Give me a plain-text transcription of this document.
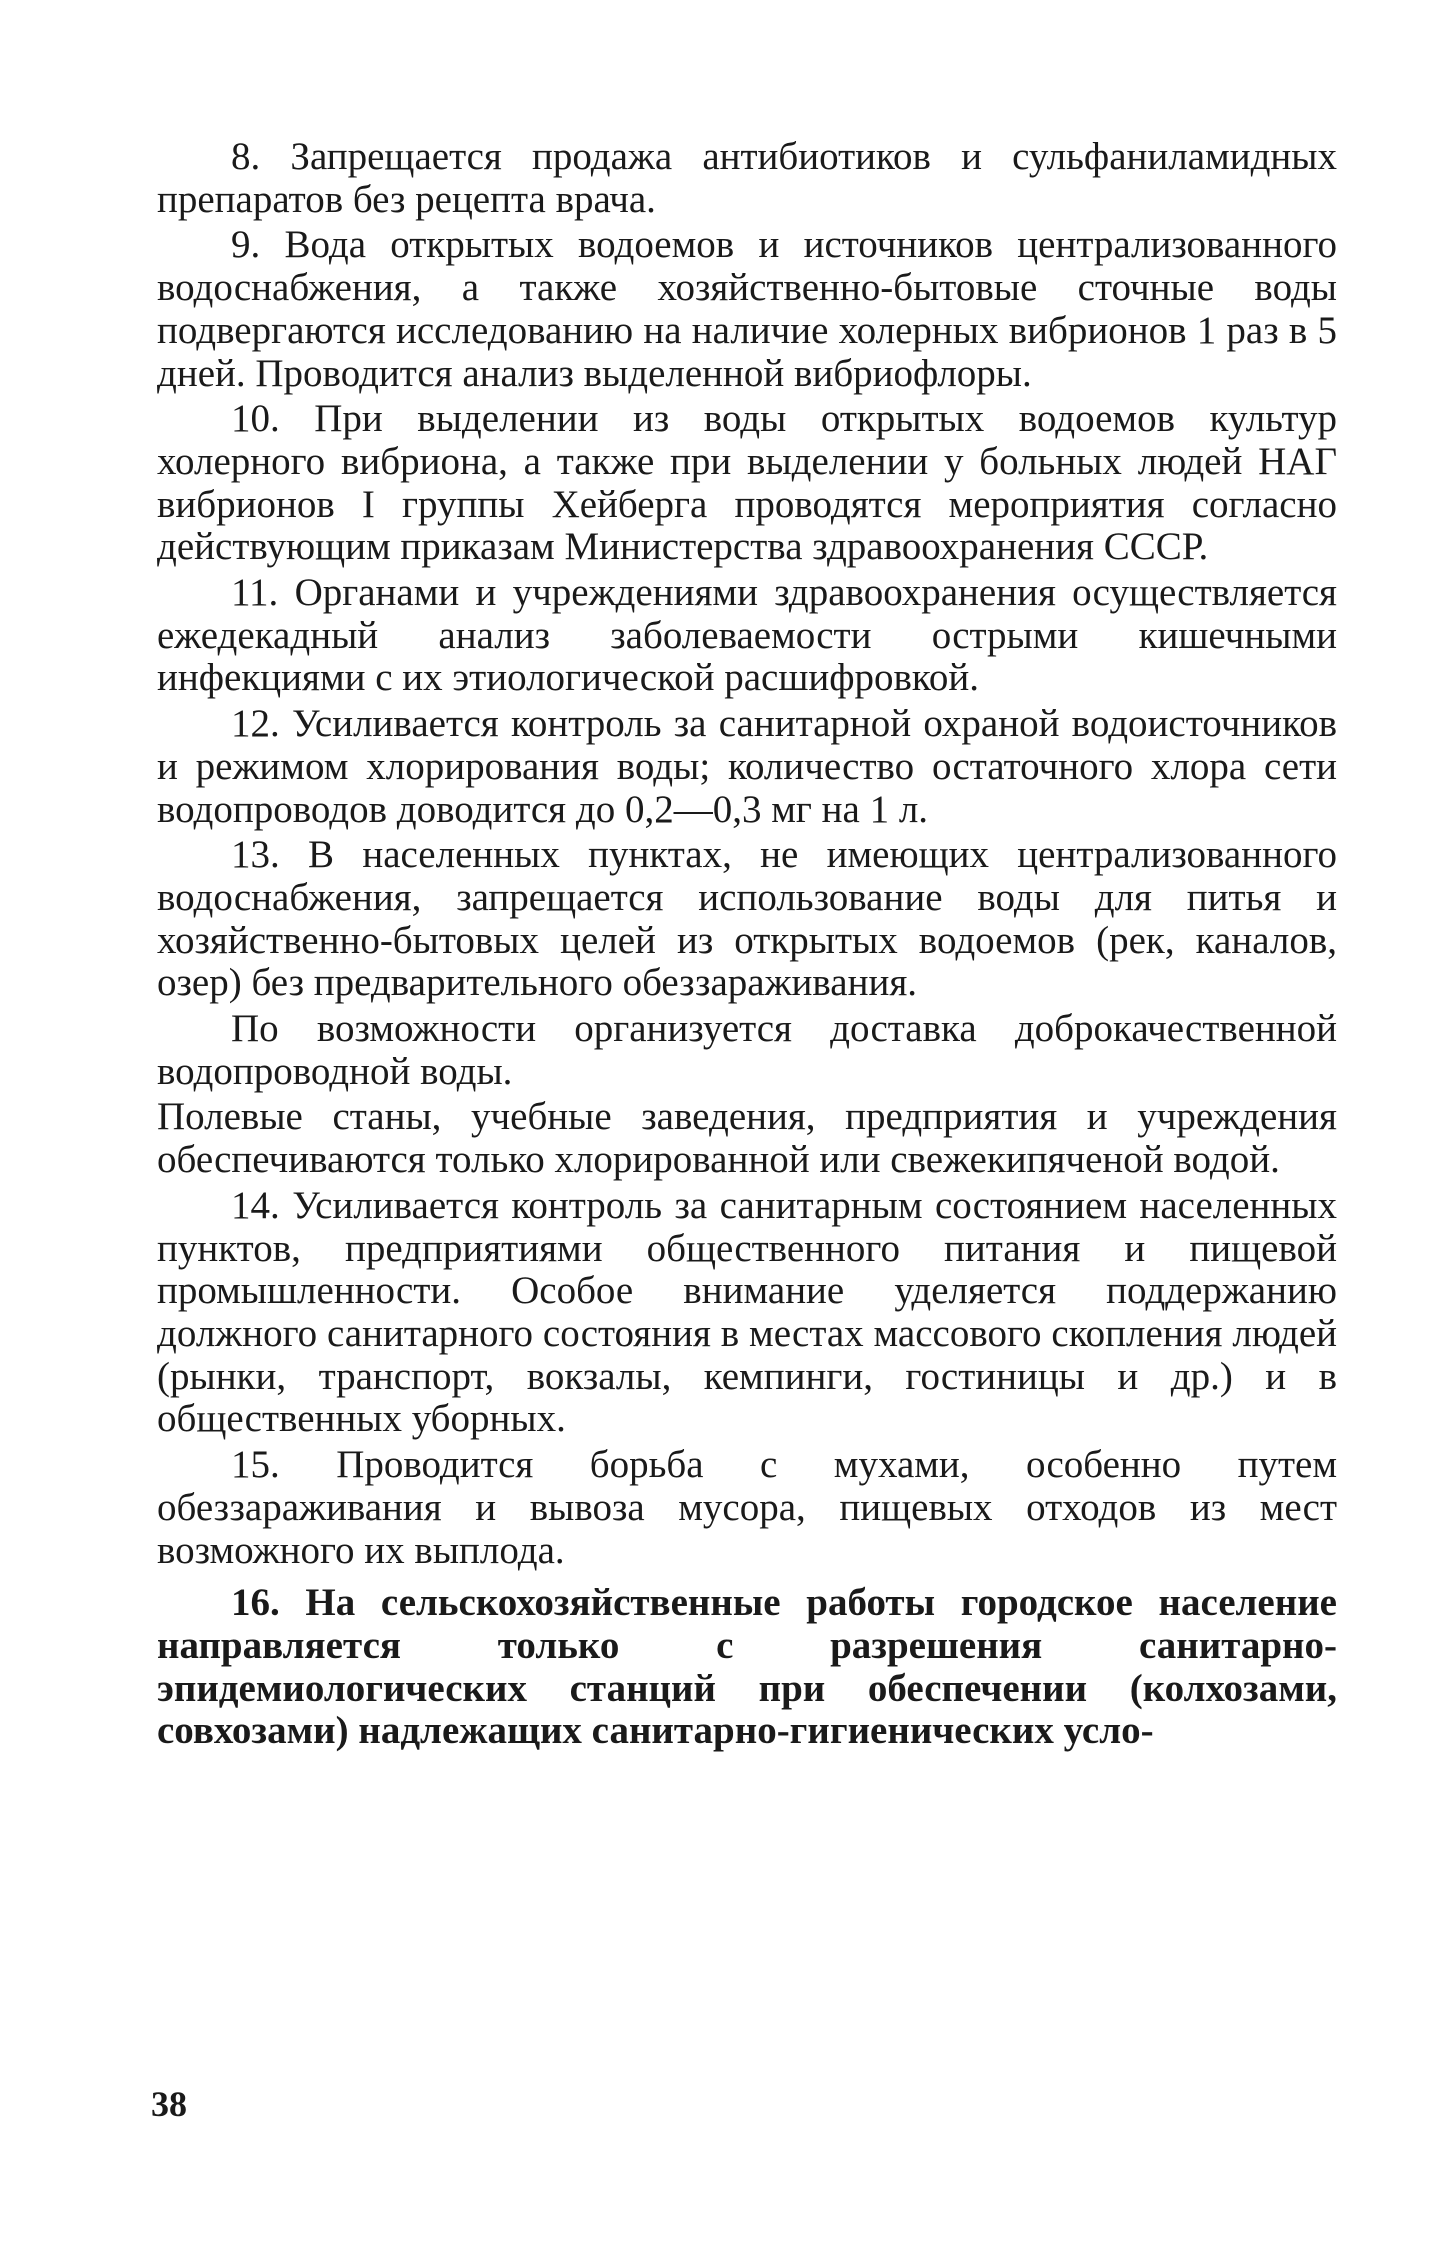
8. Запрещается продажа антибиотиков и сульфаниламидных препаратов без рецепта врача.

9. Вода открытых водоемов и источников централизованного водоснабжения, а также хозяйственно-бытовые сточные воды подвергаются исследованию на наличие холерных вибрионов 1 раз в 5 дней. Проводится анализ выделенной вибриофлоры.

10. При выделении из воды открытых водоемов культур холерного вибриона, а также при выделении у больных людей НАГ вибрионов I группы Хейберга проводятся мероприятия согласно действующим приказам Министерства здравоохранения СССР.

11. Органами и учреждениями здравоохранения осуществляется ежедекадный анализ заболеваемости острыми кишечными инфекциями с их этиологической расшифровкой.

12. Усиливается контроль за санитарной охраной водоисточников и режимом хлорирования воды; количество остаточного хлора сети водопроводов доводится до 0,2—0,3 мг на 1 л.

13. В населенных пунктах, не имеющих централизованного водоснабжения, запрещается использование воды для питья и хозяйственно-бытовых целей из открытых водоемов (рек, каналов, озер) без предварительного обеззараживания.

По возможности организуется доставка доброкачественной водопроводной воды.

Полевые станы, учебные заведения, предприятия и учреждения обеспечиваются только хлорированной или свежекипяченой водой.

14. Усиливается контроль за санитарным состоянием населенных пунктов, предприятиями общественного питания и пищевой промышленности. Особое внимание уделяется поддержанию должного санитарного состояния в местах массового скопления людей (рынки, транспорт, вокзалы, кемпинги, гостиницы и др.) и в общественных уборных.

15. Проводится борьба с мухами, особенно путем обеззараживания и вывоза мусора, пищевых отходов из мест возможного их выплода.

16. На сельскохозяйственные работы городское население направляется только с разрешения санитарно-эпидемиологических станций при обеспечении (колхозами, совхозами) надлежащих санитарно-гигиенических усло-

38
